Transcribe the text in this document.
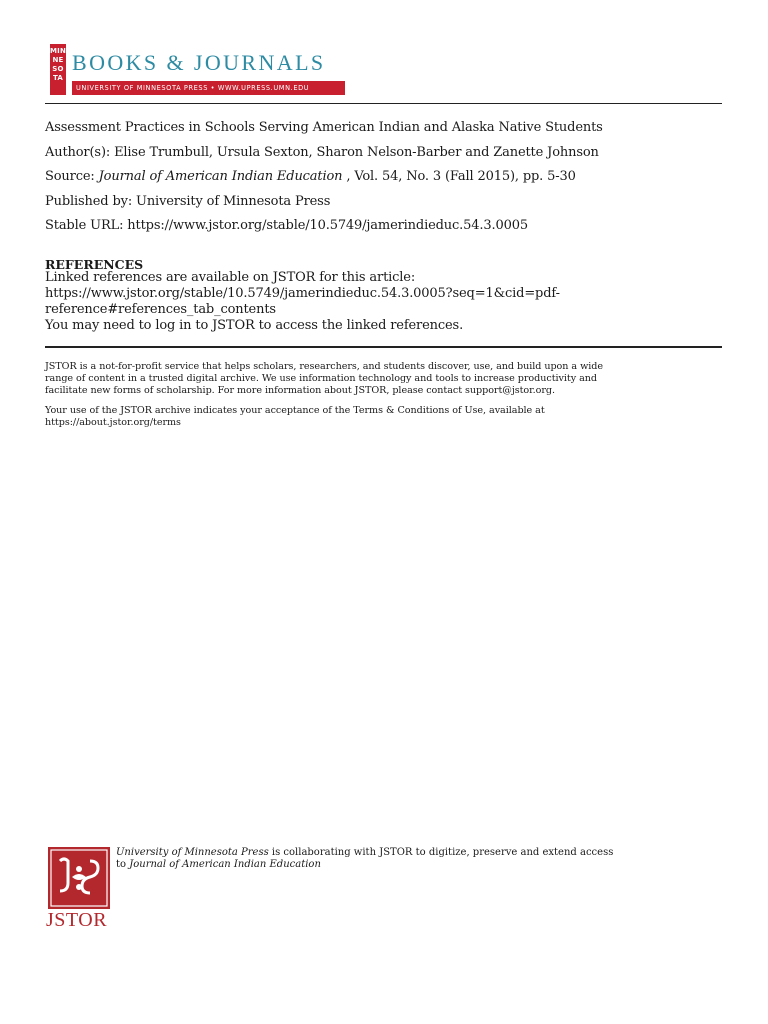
MIN
NE
SO
TA
BOOKS & JOURNALS
UNIVERSITY OF MINNESOTA PRESS • WWW.UPRESS.UMN.EDU
Assessment Practices in Schools Serving American Indian and Alaska Native Students
Author(s): Elise Trumbull, Ursula Sexton, Sharon Nelson-Barber and Zanette Johnson
Source: Journal of American Indian Education , Vol. 54, No. 3 (Fall 2015), pp. 5-30
Published by: University of Minnesota Press
Stable URL: https://www.jstor.org/stable/10.5749/jamerindieduc.54.3.0005
REFERENCES
Linked references are available on JSTOR for this article:
https://www.jstor.org/stable/10.5749/jamerindieduc.54.3.0005?seq=1&cid=pdf-
reference#references_tab_contents
You may need to log in to JSTOR to access the linked references.
JSTOR is a not-for-profit service that helps scholars, researchers, and students discover, use, and build upon a wide
range of content in a trusted digital archive. We use information technology and tools to increase productivity and
facilitate new forms of scholarship. For more information about JSTOR, please contact support@jstor.org.
Your use of the JSTOR archive indicates your acceptance of the Terms & Conditions of Use, available at
https://about.jstor.org/terms
JSTOR
University of Minnesota Press is collaborating with JSTOR to digitize, preserve and extend access
to Journal of American Indian Education
